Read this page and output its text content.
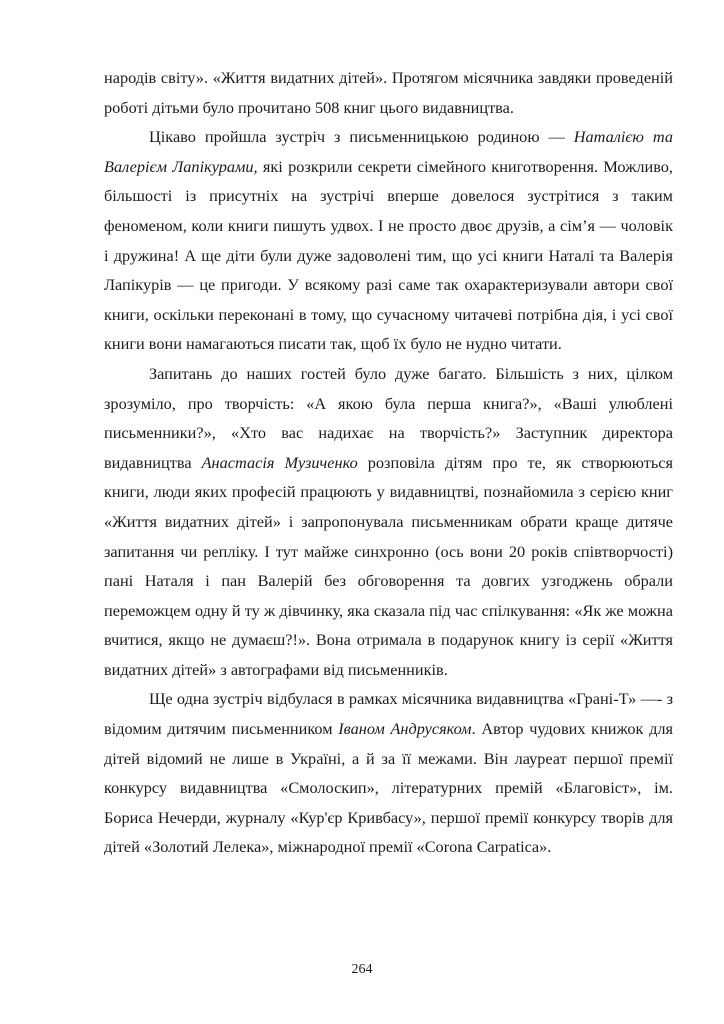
народів світу». «Життя видатних дітей». Протягом місячника завдяки проведеній роботі дітьми було прочитано 508 книг цього видавництва.

Цікаво пройшла зустріч з письменницькою родиною — Наталією та Валерієм Лапікурами, які розкрили секрети сімейного книготворення. Можливо, більшості із присутніх на зустрічі вперше довелося зустрітися з таким феноменом, коли книги пишуть удвох. І не просто двоє друзів, а сім’я — чоловік і дружина! А ще діти були дуже задоволені тим, що усі книги Наталі та Валерія Лапікурів — це пригоди. У всякому разі саме так охарактеризували автори свої книги, оскільки переконані в тому, що сучасному читачеві потрібна дія, і усі свої книги вони намагаються писати так, щоб їх було не нудно читати.

Запитань до наших гостей було дуже багато. Більшість з них, цілком зрозуміло, про творчість: «А якою була перша книга?», «Ваші улюблені письменники?», «Хто вас надихає на творчість?» Заступник директора видавництва Анастасія Музиченко розповіла дітям про те, як створюються книги, люди яких професій працюють у видавництві, познайомила з серією книг «Життя видатних дітей» і запропонувала письменникам обрати краще дитяче запитання чи репліку. І тут майже синхронно (ось вони 20 років співтворчості) пані Наталя і пан Валерій без обговорення та довгих узгоджень обрали переможцем одну й ту ж дівчинку, яка сказала під час спілкування: «Як же можна вчитися, якщо не думаєш?!». Вона отримала в подарунок книгу із серії «Життя видатних дітей» з автографами від письменників.

Ще одна зустріч відбулася в рамках місячника видавництва «Грані-Т» —- з відомим дитячим письменником Іваном Андрусяком. Автор чудових книжок для дітей відомий не лише в Україні, а й за її межами. Він лауреат першої премії конкурсу видавництва «Смолоскип», літературних премій «Благовіст», ім. Бориса Нечерди, журналу «Кур'єр Кривбасу», першої премії конкурсу творів для дітей «Золотий Лелека», міжнародної премії «Corona Carpatica».

264
